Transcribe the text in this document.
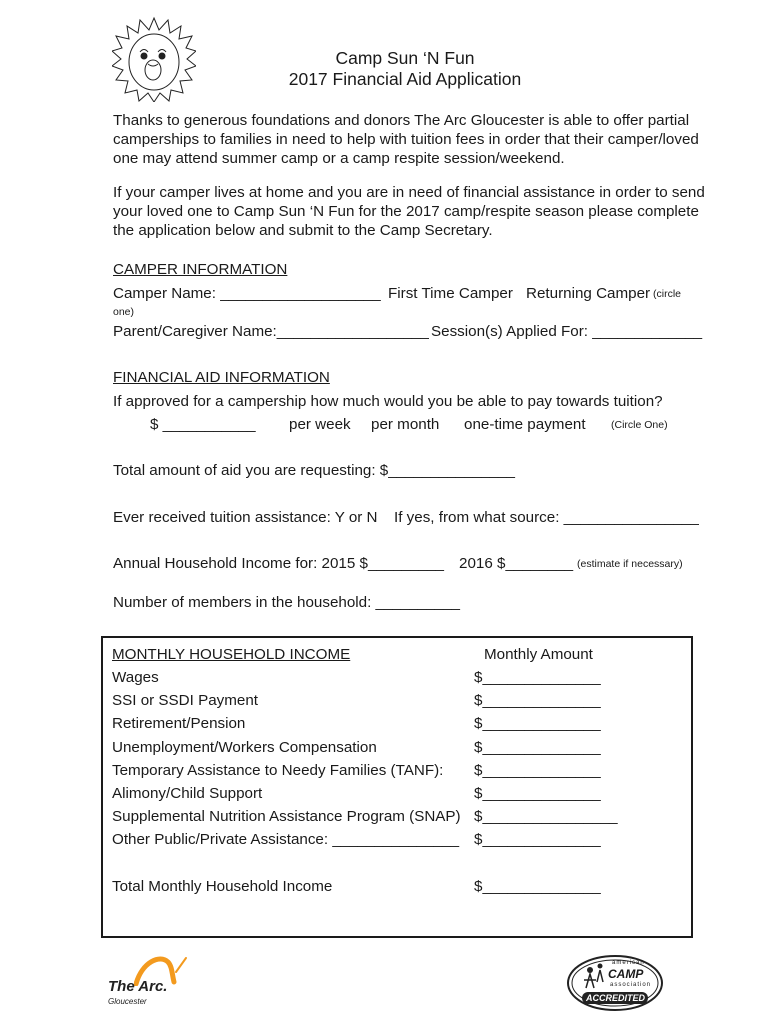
Camp Sun ‘N Fun
2017 Financial Aid Application
Thanks to generous foundations and donors The Arc Gloucester is able to offer partial
camperships to families in need to help with tuition fees in order that their camper/loved
one may attend summer camp or a camp respite session/weekend.
If your camper lives at home and you are in need of financial assistance in order to send
your loved one to Camp Sun ‘N Fun for the 2017 camp/respite season please complete
the application below and submit to the Camp Secretary.
CAMPER INFORMATION
Camper Name: ___________________ First Time Camper Returning Camper (circle
one)
Parent/Caregiver Name:__________________ Session(s) Applied For: _____________
FINANCIAL AID INFORMATION
If approved for a campership how much would you be able to pay towards tuition?
$ ___________ per week per month one-time payment (Circle One)
Total amount of aid you are requesting: $_______________
Ever received tuition assistance: Y or N If yes, from what source: ________________
Annual Household Income for: 2015 $_________ 2016 $________ (estimate if necessary)
Number of members in the household: __________
MONTHLY HOUSEHOLD INCOME	Monthly Amount
Wages	$______________
SSI or SSDI Payment	$______________
Retirement/Pension	$______________
Unemployment/Workers Compensation	$______________
Temporary Assistance to Needy Families (TANF): $______________
Alimony/Child Support	$______________
Supplemental Nutrition Assistance Program (SNAP) $________________
Other Public/Private Assistance: _______________ $______________
Total Monthly Household Income	$______________
The Arc.
Gloucester
american
CAMP
association
ACCREDITED
